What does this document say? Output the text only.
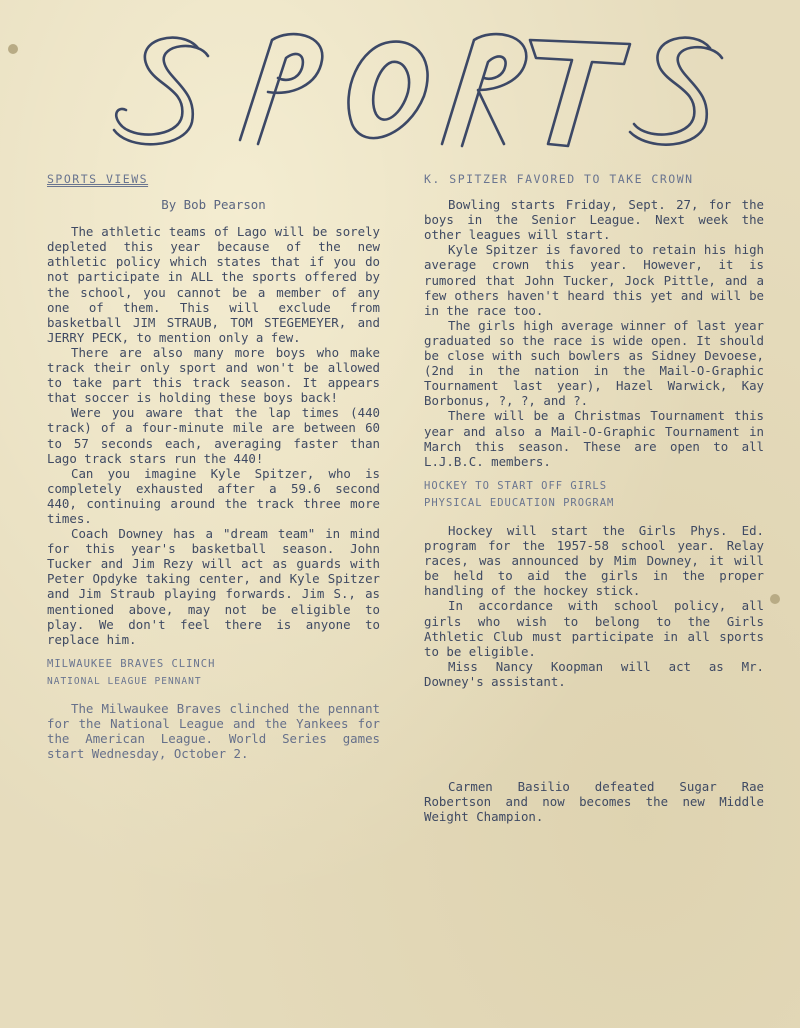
SPORTS VIEWS
By Bob Pearson

The athletic teams of Lago will be sorely depleted this year because of the new athletic policy which states that if you do not participate in ALL the sports offered by the school, you cannot be a member of any one of them. This will exclude from basketball JIM STRAUB, TOM STEGEMEYER, and JERRY PECK, to mention only a few.

There are also many more boys who make track their only sport and won't be allowed to take part this track season. It appears that soccer is holding these boys back!

Were you aware that the lap times (440 track) of a four-minute mile are between 60 to 57 seconds each, averaging faster than Lago track stars run the 440!

Can you imagine Kyle Spitzer, who is completely exhausted after a 59.6 second 440, continuing around the track three more times.

Coach Downey has a "dream team" in mind for this year's basketball season. John Tucker and Jim Rezy will act as guards with Peter Opdyke taking center, and Kyle Spitzer and Jim Straub playing forwards. Jim S., as mentioned above, may not be eligible to play. We don't feel there is anyone to replace him.

MILWAUKEE BRAVES CLINCH
NATIONAL LEAGUE PENNANT

The Milwaukee Braves clinched the pennant for the National League and the Yankees for the American League. World Series games start Wednesday, October 2.

K. SPITZER FAVORED TO TAKE CROWN

Bowling starts Friday, Sept. 27, for the boys in the Senior League. Next week the other leagues will start.

Kyle Spitzer is favored to retain his high average crown this year. However, it is rumored that John Tucker, Jock Pittle, and a few others haven't heard this yet and will be in the race too.

The girls high average winner of last year graduated so the race is wide open. It should be close with such bowlers as Sidney Devoese, (2nd in the nation in the Mail-O-Graphic Tournament last year), Hazel Warwick, Kay Borbonus, ?, ?, and ?.

There will be a Christmas Tournament this year and also a Mail-O-Graphic Tournament in March this season. These are open to all L.J.B.C. members.

HOCKEY TO START OFF GIRLS
PHYSICAL EDUCATION PROGRAM

Hockey will start the Girls Phys. Ed. program for the 1957-58 school year. Relay races, was announced by Mim Downey, it will be held to aid the girls in the proper handling of the hockey stick.

In accordance with school policy, all girls who wish to belong to the Girls Athletic Club must participate in all sports to be eligible.

Miss Nancy Koopman will act as Mr. Downey's assistant.

Carmen Basilio defeated Sugar Rae Robertson and now becomes the new Middle Weight Champion.
